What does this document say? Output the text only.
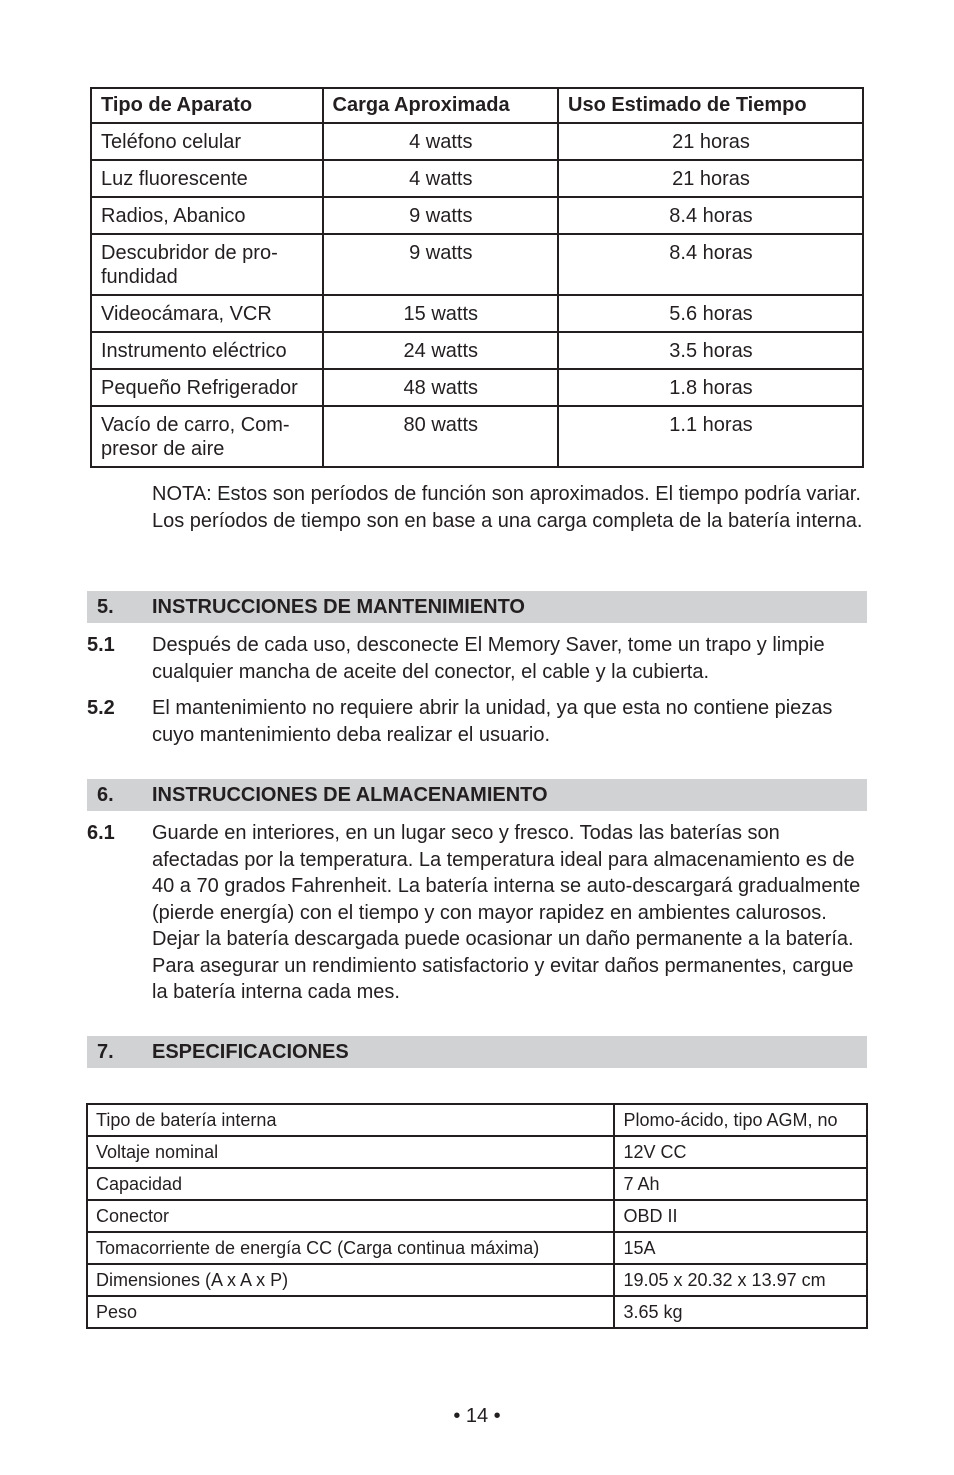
Tipo de Aparato	Carga Aproximada	Uso Estimado de Tiempo
Teléfono celular	4 watts	21 horas
Luz fluorescente	4 watts	21 horas
Radios, Abanico	9 watts	8.4 horas
Descubridor de pro-
fundidad	9 watts	8.4 horas
Videocámara, VCR	15 watts	5.6 horas
Instrumento eléctrico	24 watts	3.5 horas
Pequeño Refrigerador	48 watts	1.8 horas
Vacío de carro, Com-
presor de aire	80 watts	1.1 horas

NOTA: Estos son períodos de función son aproximados. El tiempo podría variar. Los períodos de tiempo son en base a una carga completa de la batería interna.

5. INSTRUCCIONES DE MANTENIMIENTO
5.1 Después de cada uso, desconecte El Memory Saver, tome un trapo y limpie cualquier mancha de aceite del conector, el cable y la cubierta.

5.2 El mantenimiento no requiere abrir la unidad, ya que esta no contiene piezas cuyo mantenimiento deba realizar el usuario.

6. INSTRUCCIONES DE ALMACENAMIENTO
6.1 Guarde en interiores, en un lugar seco y fresco. Todas las baterías son afectadas por la temperatura. La temperatura ideal para almacenamiento es de 40 a 70 grados Fahrenheit. La batería interna se auto-descargará gradualmente (pierde energía) con el tiempo y con mayor rapidez en ambientes calurosos. Dejar la batería descargada puede ocasionar un daño permanente a la batería. Para asegurar un rendimiento satisfactorio y evitar daños permanentes, cargue la batería interna cada mes.

7. ESPECIFICACIONES
Tipo de batería interna	Plomo-ácido, tipo AGM, no
Voltaje nominal	12V CC
Capacidad	7 Ah
Conector	OBD II
Tomacorriente de energía CC (Carga continua máxima)	15A
Dimensiones (A x A x P)	19.05 x 20.32 x 13.97 cm
Peso	3.65 kg
• 14 •
